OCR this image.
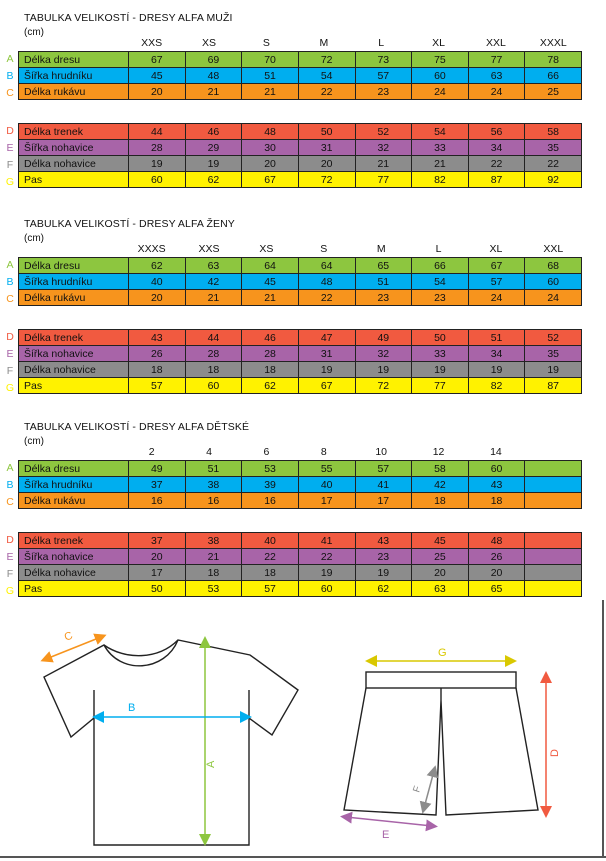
TABULKA VELIKOSTÍ - DRESY ALFA MUŽI
(cm)
XXS	XS	S	M	L	XL	XXL	XXXL
A
B
C
Délka dresu	67	69	70	72	73	75	77	78
Šířka hrudníku	45	48	51	54	57	60	63	66
Délka rukávu	20	21	21	22	23	24	24	25
D
E
F
G
Délka trenek	44	46	48	50	52	54	56	58
Šířka nohavice	28	29	30	31	32	33	34	35
Délka nohavice	19	19	20	20	21	21	22	22
Pas	60	62	67	72	77	82	87	92
TABULKA VELIKOSTÍ - DRESY ALFA ŽENY
(cm)
XXXS	XXS	XS	S	M	L	XL	XXL
A
B
C
Délka dresu	62	63	64	64	65	66	67	68
Šířka hrudníku	40	42	45	48	51	54	57	60
Délka rukávu	20	21	21	22	23	23	24	24
D
E
F
G
Délka trenek	43	44	46	47	49	50	51	52
Šířka nohavice	26	28	28	31	32	33	34	35
Délka nohavice	18	18	18	19	19	19	19	19
Pas	57	60	62	67	72	77	82	87
TABULKA VELIKOSTÍ - DRESY ALFA DĚTSKÉ
(cm)
2	4	6	8	10	12	14
A
B
C
Délka dresu	49	51	53	55	57	58	60	
Šířka hrudníku	37	38	39	40	41	42	43	
Délka rukávu	16	16	16	17	17	18	18	
D
E
F
G
Délka trenek	37	38	40	41	43	45	48	
Šířka nohavice	20	21	22	22	23	25	26	
Délka nohavice	17	18	18	19	19	20	20	
Pas	50	53	57	60	62	63	65	
A
B
C
G
D
E
F
